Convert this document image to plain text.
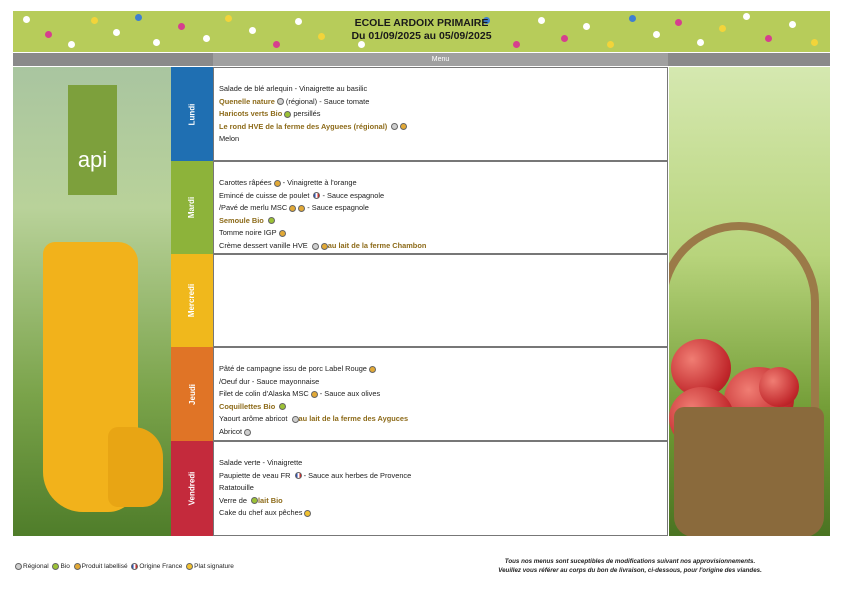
ECOLE ARDOIX PRIMAIRE
Du 01/09/2025 au 05/09/2025
Menu
api
Lundi
Salade de blé arlequin - Vinaigrette au basilic
Quenelle nature (régional) - Sauce tomate
Haricots verts Bio persillés
Le rond HVE de la ferme des Ayguees (régional)
Melon
Mardi
Carottes râpées - Vinaigrette à l'orange
Emincé de cuisse de poulet  - Sauce espagnole
/Pavé de merlu MSC - Sauce espagnole
Semoule Bio
Tomme noire IGP
Crème dessert vanille HVE au lait de la ferme Chambon
Mercredi
Jeudi
Pâté de campagne issu de porc Label Rouge
/Oeuf dur - Sauce mayonnaise
Filet de colin d'Alaska MSC - Sauce aux olives
Coquillettes Bio
Yaourt arôme abricot au lait de la ferme des Ayguces
Abricot
Vendredi
Salade verte - Vinaigrette
Paupiette de veau FR  - Sauce aux herbes de Provence
Ratatouille
Verre de lait Bio
Cake du chef aux pêches
Régional Bio Produit labellisé Origine France Plat signature
Tous nos menus sont suceptibles de modifications suivant nos approvisionnements.
Veuillez vous référer au corps du bon de livraison, ci-dessous, pour l'origine des viandes.
